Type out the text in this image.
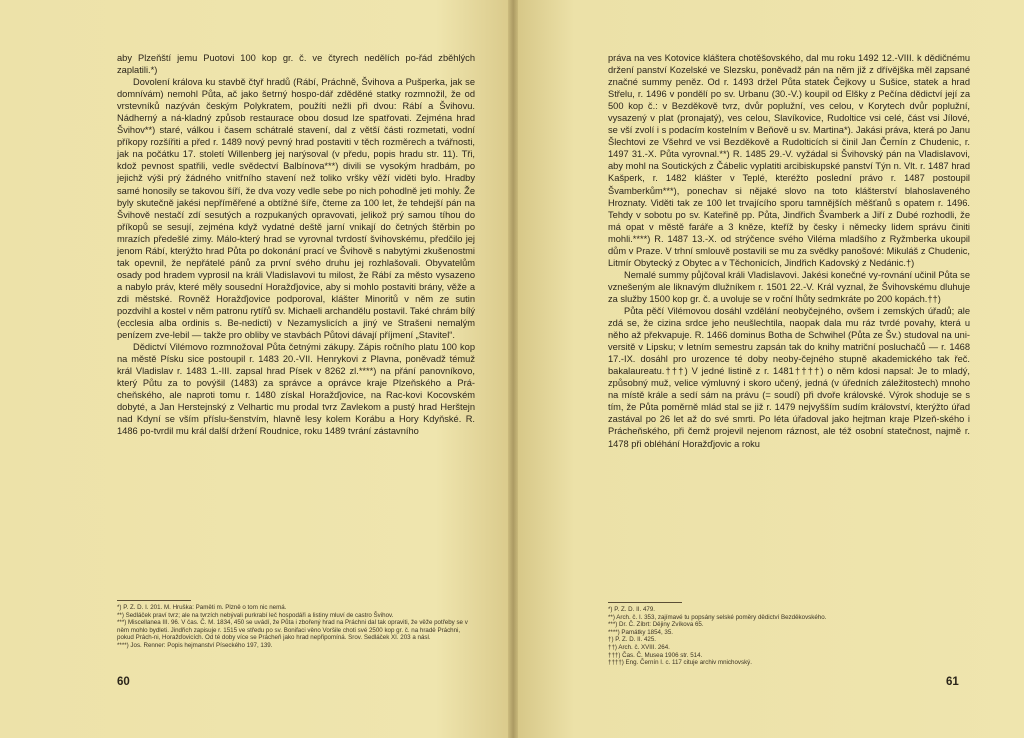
aby Plzeňští jemu Puotovi 100 kop gr. č. ve čtyrech nedělích po-řád zběhlých zaplatili.*)

Dovolení králova ku stavbě čtyř hradů (Rábí, Práchně, Švihova a Pušperka, jak se domnívám) nemohl Půta, ač jako šetrný hospo-dář zděděné statky rozmnožil, že od vrstevníků nazýván českým Polykratem, použíti nežli při dvou: Rábí a Švihovu. Nádherný a ná-kladný způsob restaurace obou dosud lze spatřovati. Zejména hrad Švihov**) staré, válkou i časem schátralé stavení, dal z větší části rozmetati, vodní příkopy rozšířiti a před r. 1489 nový pevný hrad postaviti v těch rozměrech a tvářnosti, jak na počátku 17. století Willenberg jej narýsoval (v předu, popis hradu str. 11). Tři, kdož pevnost spatřili, vedle svědectví Balbínova***) divili se vysokým hradbám, po jejichž výši prý žádného vnitřního stavení než toliko vršky věží viděti bylo. Hradby samé honosily se takovou šíří, že dva vozy vedle sebe po nich pohodlně jeti mohly. Že byly skutečně jakési nepříměřené a obtížné šíře, čteme za 100 let, že tehdejší pán na Švihově nestačí zdí sesutých a rozpukaných opravovati, jelikož prý samou tíhou do příkopů se sesují, zejména když vydatné deště jarní vnikají do četných štěrbin po mrazích předešlé zimy. Málo-který hrad se vyrovnal tvrdostí švihovskému, předčilo jej jenom Rábí, kterýžto hrad Půta po dokonání prací ve Švihově s nabytými zkušenostmi tak opevnil, že nepřátelé pánů za první svého druhu jej rozhlašovali. Obyvatelům osady pod hradem vyprosil na králi Vladislavovi tu milost, že Rábí za město vysazeno a nabylo práv, které měly sousední Horažďjovice, aby si mohlo postaviti brány, věže a zdi městské. Rovněž Horažďjovice podporoval, klášter Minoritů v něm ze sutin pozdvihl a kostel v něm patronu rytířů sv. Michaeli archandělu postavil. Také chrám bílý (ecclesia alba ordinis s. Be-nedicti) v Nezamyslicích a jiný ve Strašeni nemalým penízem zve-lebil — takže pro obliby ve stavbách Půtovi dávají příjmení „Stavitel“.

Dědictví Vilémovo rozmnožoval Půta četnými zákupy. Zápis ročního platu 100 kop na městě Písku sice postoupil r. 1483 20.-VII. Henrykovi z Plavna, poněvadž témuž král Vladislav r. 1483 1.-III. zapsal hrad Písek v 8262 zl.****) na přání panovníkovo, který Půtu za to povýšil (1483) za správce a oprávce kraje Plzeňského a Prá-cheňského, ale naproti tomu r. 1480 získal Horažďjovice, na Rac-kovi Kocovském dobyté, a Jan Herstejnský z Velhartic mu prodal tvrz Zavlekom a pustý hrad Herštejn nad Kdyní se vším příslu-šenstvím, hlavně lesy kolem Korábu a Hory Kdyňské. R. 1486 po-tvrdil mu král další držení Roudnice, roku 1489 tvrání zástavního

*) P. Z. D. I. 201. M. Hruška: Paměti m. Plzně o tom nic nemá.
**) Sedláček praví tvrz; ale na tvrzích nebývali purkrabí leč hospodáři a listiny mluví de castro Švihov.
***) Miscellanea III. 96. V čas. Č. M. 1834, 450 se uvádí, že Půta i zbořený hrad na Práchni dal tak opraviti, že věže potřeby se v něm mohlo bydleti. Jindřich zapisuje r. 1515 ve středu po sv. Bonifaci věno Voršile choti své 2500 kop gr. č. na hradě Práchni, pokud Prách-ni, Horažďovicích. Od té doby více se Prácheň jako hrad nepřipomíná. Srov. Sedláček XI. 203 a násl.
****) Jos. Renner: Popis hejmanství Píseckého 197, 139.
60

práva na ves Kotovice kláštera chotěšovského, dal mu roku 1492 12.-VIII. k dědičnému držení panství Kozelské ve Slezsku, poněvadž pán na něm již z dřívějška měl zapsané značné summy peněz. Od r. 1493 držel Půta statek Čejkovy u Sušice, statek a hrad Střelu, r. 1496 v pondělí po sv. Urbanu (30.-V.) koupil od Elšky z Pečína dědictví její za 500 kop č.: v Bezděkově tvrz, dvůr poplužní, ves celou, v Korytech dvůr poplužní, vysazený v plat (pronajatý), ves celou, Slavíkovice, Rudoltice vsi celé, část vsi Jílové, se vší zvolí i s podacím kostelním v Beňově u sv. Martina*). Jakási práva, která po Janu Šlechtovi ze Všehrd ve vsi Bezděkově a Rudolticích si činil Jan Černín z Chudenic, r. 1497 31.-X. Půta vyrovnal.**) R. 1485 29.-V. vyžádal si Švihovský pán na Vladislavovi, aby mohl na Soutických z Čábelic vyplatiti arcibiskupské panství Týn n. Vlt. r. 1487 hrad Kašperk, r. 1482 klášter v Teplé, kteréžto poslední právo r. 1487 postoupil Švamberkům***), ponechav si nějaké slovo na toto klášterství blahoslaveného Hroznaty. Viděti tak ze 100 let trvajícího sporu tamnějších měšťanů s opatem r. 1496. Tehdy v sobotu po sv. Kateřině pp. Půta, Jindřich Švamberk a Jiří z Dubé rozhodli, že má opat v městě faráře a 3 kněze, kteříž by česky i německy lidem správu činiti mohli.****) R. 1487 13.-X. od strýčence svého Viléma mladšího z Ryžmberka ukoupil dům v Praze. V trhní smlouvě postavili se mu za svědky panošové: Mikuláš z Chudenic, Litmír Obytecký z Obytec a v Těchonicích, Jindřich Kadovský z Nedánic.†)

Nemalé summy půjčoval králi Vladislavovi. Jakési konečné vy-rovnání učinil Půta se vznešeným ale liknavým dlužníkem r. 1501 22.-V. Král vyznal, že Švihovskému dluhuje za služby 1500 kop gr. č. a uvoluje se v roční lhůty sedmkráte po 200 kopách.††)

Půta pěčí Vilémovou dosáhl vzdělání neobyčejného, ovšem i zemských úřadů; ale zdá se, že cizina srdce jeho neušlechtila, naopak dala mu ráz tvrdé povahy, která u něho až překvapuje. R. 1466 dominus Botha de Schwihel (Půta ze Šv.) studoval na uni-versitě v Lipsku; v letním semestru zapsán tak do knihy matriční posluchačů — r. 1468 17.-IX. dosáhl pro urozence té doby neoby-čejného stupně akademického tak řeč. bakalaureatu.†††) V jedné listině z r. 1481††††) o něm kdosi napsal: Je to mladý, způsobný muž, velice výmluvný i skoro učený, jedná (v úředních záležitostech) mnoho na místě krále a sedí sám na právu (= soudí) při dvoře královské. Výrok shoduje se s tím, že Půta poměrně mlád stal se již r. 1479 nejvyšším sudím království, kterýžto úřad zastával po 26 let až do své smrti. Po léta úřadoval jako hejtman kraje Plzeň-ského i Prácheňského, při čemž projevil nejenom ráznost, ale též osobní statečnost, najmě r. 1478 při obléhání Horažďjovic a roku

*) P. Z. D. II. 479.
**) Arch. č. I. 353, zajímavé tu popsány selské poměry dědictví Bezděkovského.
***) Dr. Č. Zíbrt: Dějiny Zvíkova 65.
****) Památky 1854, 35.
†) P. Z. D. II. 425.
††) Arch. č. XVIII. 264.
†††) Čas. Č. Musea 1906 str. 514.
††††) Eng. Černín I. c. 117 cituje archiv mnichovský.
61
